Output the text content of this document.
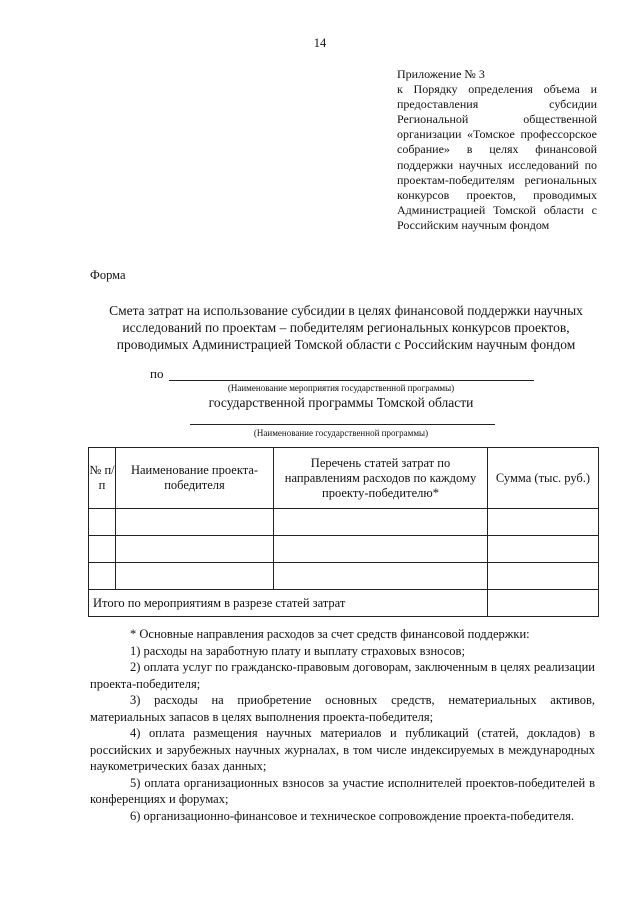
14
Приложение № 3
к Порядку определения объема и предоставления субсидии Региональной общественной организации «Томское профессорское собрание» в целях финансовой поддержки научных исследований по проектам-победителям региональных конкурсов проектов, проводимых Администрацией Томской области с Российским научным фондом
Форма
Смета затрат на использование субсидии в целях финансовой поддержки научных исследований по проектам – победителям региональных конкурсов проектов, проводимых Администрацией Томской области с Российским научным фондом
по
(Наименование мероприятия государственной программы)
государственной программы Томской области
(Наименование государственной программы)
№ п/п	Наименование проекта-победителя	Перечень статей затрат по направлениям расходов по каждому проекту-победителю*	Сумма (тыс. руб.)

Итого по мероприятиям в разрезе статей затрат			

* Основные направления расходов за счет средств финансовой поддержки:

1) расходы на заработную плату и выплату страховых взносов;

2) оплата услуг по гражданско-правовым договорам, заключенным в целях реализации проекта-победителя;

3) расходы на приобретение основных средств, нематериальных активов, материальных запасов в целях выполнения проекта-победителя;

4) оплата размещения научных материалов и публикаций (статей, докладов) в российских и зарубежных научных журналах, в том числе индексируемых в международных наукометрических базах данных;

5) оплата организационных взносов за участие исполнителей проектов-победителей в конференциях и форумах;

6) организационно-финансовое и техническое сопровождение проекта-победителя.
